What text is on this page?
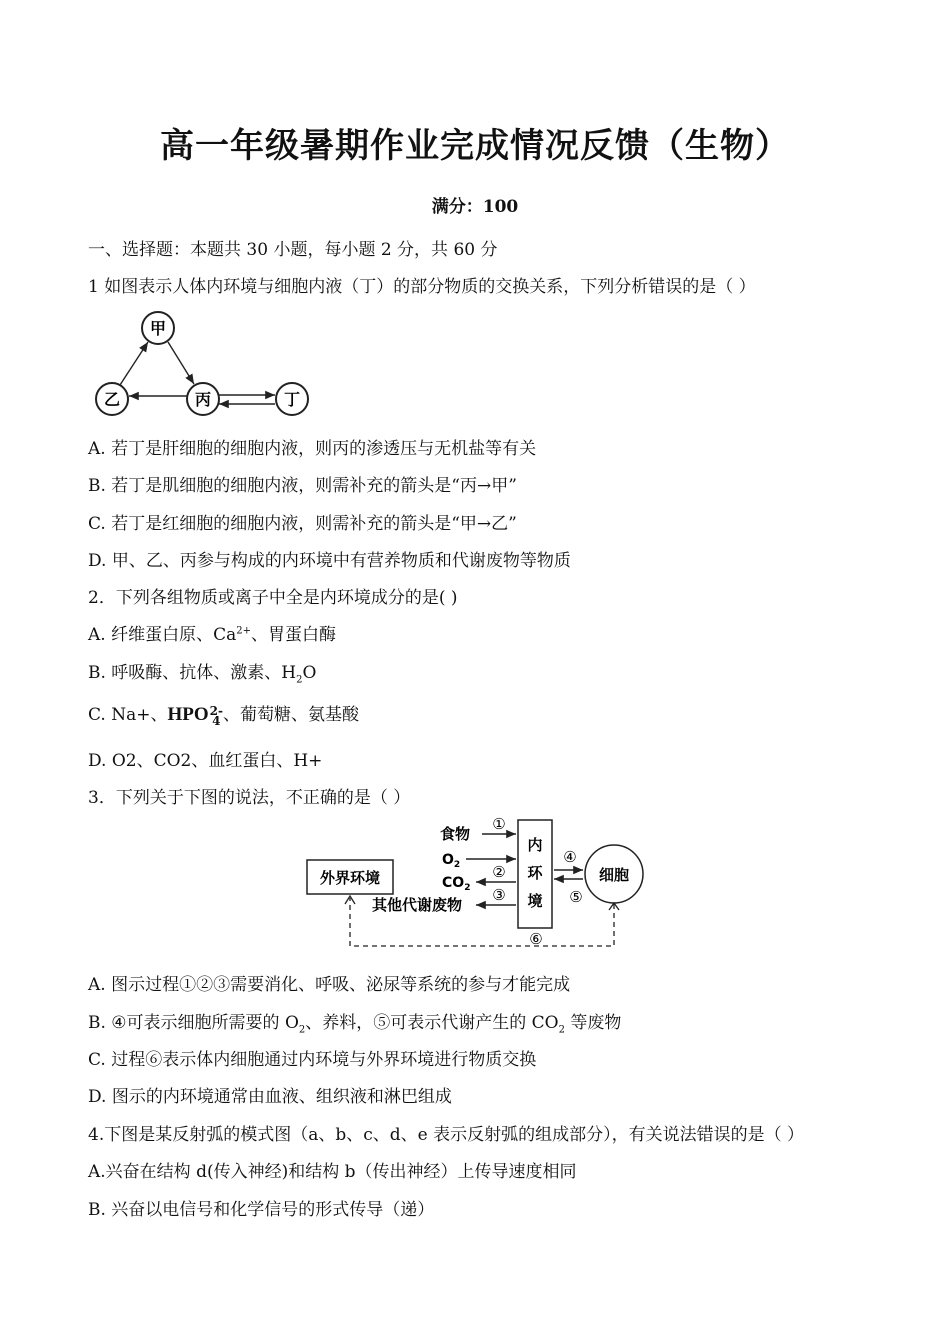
高一年级暑期作业完成情况反馈（生物）
满分：100
一、选择题：本题共 30 小题，每小题 2 分，共 60 分
1 如图表示人体内环境与细胞内液（丁）的部分物质的交换关系，下列分析错误的是（ ）
甲
乙	丙	丁
A. 若丁是肝细胞的细胞内液，则丙的渗透压与无机盐等有关
B. 若丁是肌细胞的细胞内液，则需补充的箭头是“丙→甲”
C. 若丁是红细胞的细胞内液，则需补充的箭头是“甲→乙”
D. 甲、乙、丙参与构成的内环境中有营养物质和代谢废物等物质
2．下列各组物质或离子中全是内环境成分的是( )
A. 纤维蛋白原、$Ca^{2+}$、胃蛋白酶
B. 呼吸酶、抗体、激素、$H_2O$
C. Na+、HPO2-
4 、葡萄糖、氨基酸
D. O2、CO2、血红蛋白、H+
3．下列关于下图的说法，不正确的是（ ）
外界环境
内
环
境
细胞
食物
$O_2$
$CO_2$
其他代谢废物
①
②
③
④
⑤
⑥
A. 图示过程①②③需要消化、呼吸、泌尿等系统的参与才能完成
B. ④可表示细胞所需要的 $O_2$、养料，⑤可表示代谢产生的 $CO_2$ 等废物
C. 过程⑥表示体内细胞通过内环境与外界环境进行物质交换
D. 图示的内环境通常由血液、组织液和淋巴组成
4.下图是某反射弧的模式图（a、b、c、d、e 表示反射弧的组成部分），有关说法错误的是（ ）
A.兴奋在结构 d(传入神经)和结构 b（传出神经）上传导速度相同
B. 兴奋以电信号和化学信号的形式传导（递）
